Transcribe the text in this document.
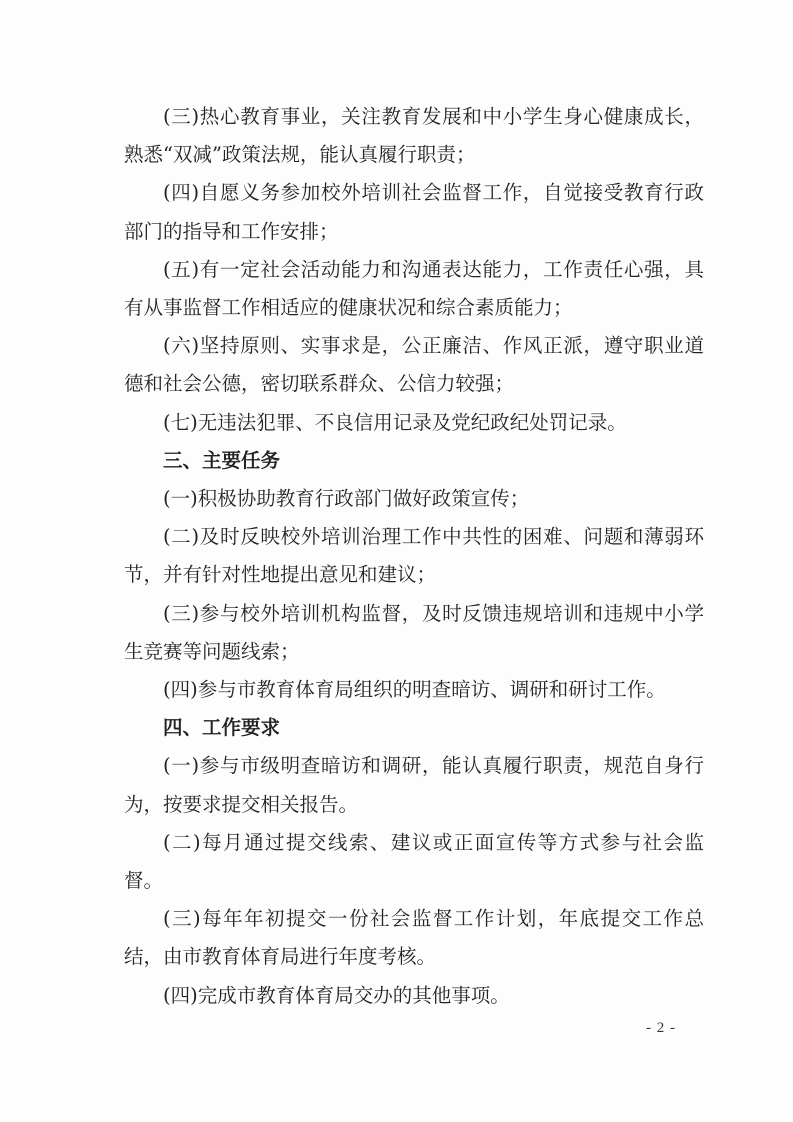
(三)热心教育事业，关注教育发展和中小学生身心健康成长，熟悉“双减”政策法规，能认真履行职责；

(四)自愿义务参加校外培训社会监督工作，自觉接受教育行政部门的指导和工作安排；

(五)有一定社会活动能力和沟通表达能力，工作责任心强，具有从事监督工作相适应的健康状况和综合素质能力；

(六)坚持原则、实事求是，公正廉洁、作风正派，遵守职业道德和社会公德，密切联系群众、公信力较强；

(七)无违法犯罪、不良信用记录及党纪政纪处罚记录。

三、主要任务

(一)积极协助教育行政部门做好政策宣传；

(二)及时反映校外培训治理工作中共性的困难、问题和薄弱环节，并有针对性地提出意见和建议；

(三)参与校外培训机构监督，及时反馈违规培训和违规中小学生竞赛等问题线索；

(四)参与市教育体育局组织的明查暗访、调研和研讨工作。

四、工作要求

(一)参与市级明查暗访和调研，能认真履行职责，规范自身行为，按要求提交相关报告。

(二)每月通过提交线索、建议或正面宣传等方式参与社会监督。

(三)每年年初提交一份社会监督工作计划，年底提交工作总结，由市教育体育局进行年度考核。

(四)完成市教育体育局交办的其他事项。

- 2 -
